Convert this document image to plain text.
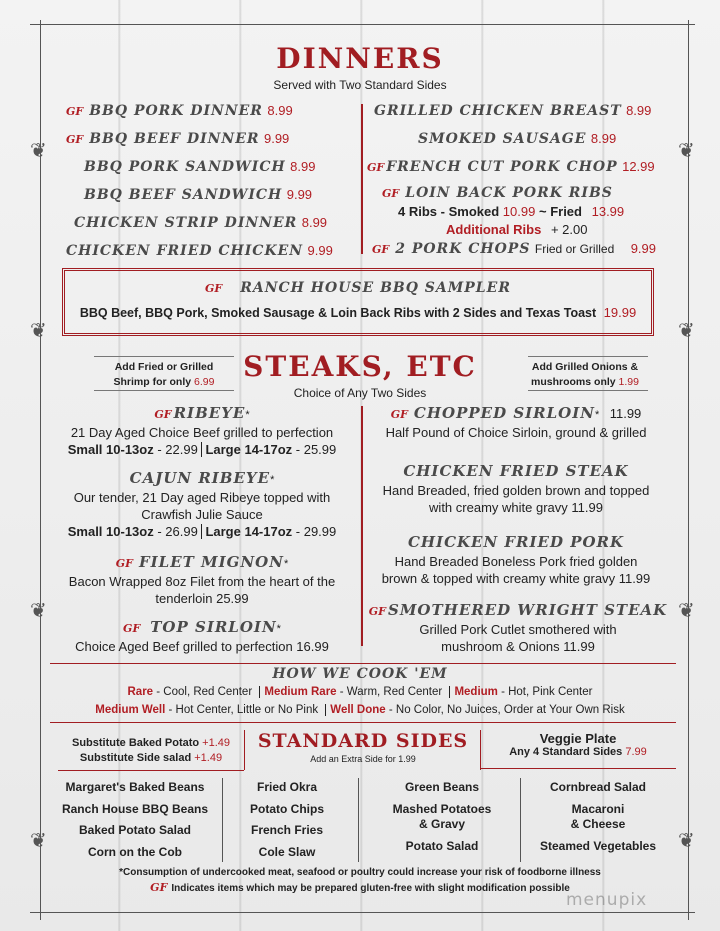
❦
❦
❦
❦
❦
❦
❦
❦
DINNERS
Served with Two Standard Sides
GF BBQ PORK DINNER 8.99
GF BBQ BEEF DINNER 9.99
BBQ PORK SANDWICH 8.99
BBQ BEEF SANDWICH 9.99
CHICKEN STRIP DINNER 8.99
CHICKEN FRIED CHICKEN 9.99
GRILLED CHICKEN BREAST 8.99
SMOKED SAUSAGE 8.99
GF FRENCH CUT PORK CHOP 12.99
GF LOIN BACK PORK RIBS
4 Ribs - Smoked 10.99 ~ Fried 13.99
Additional Ribs + 2.00
GF 2 PORK CHOPS Fried or Grilled 9.99
GF RANCH HOUSE BBQ SAMPLER
BBQ Beef, BBQ Pork, Smoked Sausage & Loin Back Ribs with 2 Sides and Texas Toast 19.99
Add Fried or Grilled
Shrimp for only 6.99
Add Grilled Onions &
mushrooms only 1.99
STEAKS, ETC
Choice of Any Two Sides
GF RIBEYE*
21 Day Aged Choice Beef grilled to perfection
Small 10-13oz - 22.99 Large 14-17oz - 25.99
CAJUN RIBEYE*
Our tender, 21 Day aged Ribeye topped with
Crawfish Julie Sauce
Small 10-13oz - 26.99 Large 14-17oz - 29.99
GF FILET MIGNON*
Bacon Wrapped 8oz Filet from the heart of the
tenderloin 25.99
GF TOP SIRLOIN*
Choice Aged Beef grilled to perfection 16.99
GF CHOPPED SIRLOIN* 11.99
Half Pound of Choice Sirloin, ground & grilled
CHICKEN FRIED STEAK
Hand Breaded, fried golden brown and topped
with creamy white gravy 11.99
CHICKEN FRIED PORK
Hand Breaded Boneless Pork fried golden
brown & topped with creamy white gravy 11.99
GF SMOTHERED WRIGHT STEAK
Grilled Pork Cutlet smothered with
mushroom & Onions 11.99
HOW WE COOK 'EM
Rare - Cool, Red Center Medium Rare - Warm, Red Center Medium - Hot, Pink Center
Medium Well - Hot Center, Little or No Pink Well Done - No Color, No Juices, Order at Your Own Risk
Substitute Baked Potato +1.49
Substitute Side salad +1.49
STANDARD SIDES
Add an Extra Side for 1.99
Veggie Plate
Any 4 Standard Sides 7.99
Margaret's Baked Beans
Ranch House BBQ Beans
Baked Potato Salad
Corn on the Cob
Fried Okra
Potato Chips
French Fries
Cole Slaw
Green Beans
Mashed Potatoes
& Gravy
Potato Salad
Cornbread Salad
Macaroni
& Cheese
Steamed Vegetables
*Consumption of undercooked meat, seafood or poultry could increase your risk of foodborne illness
GF Indicates items which may be prepared gluten-free with slight modification possible
menupix
